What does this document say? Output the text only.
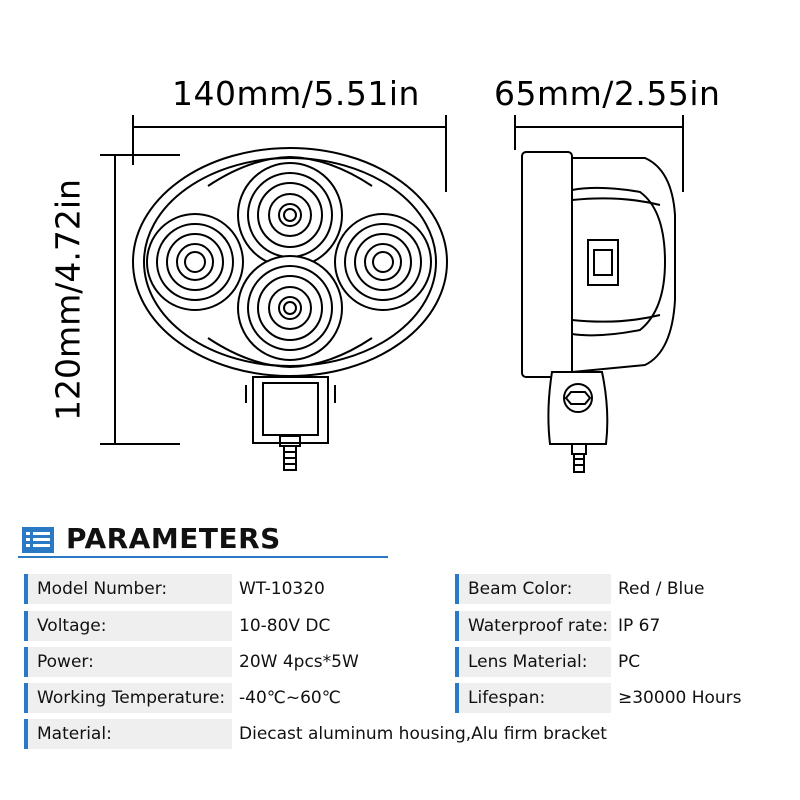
140mm/5.51in 65mm/2.55in
120mm/4.72in
PARAMETERS
Model Number:	WT-10320
Voltage:	10-80V DC
Power:	20W 4pcs*5W
Working Temperature: -40℃~60℃
Material:	Diecast aluminum housing,Alu firm bracket
Beam Color:	Red / Blue
Waterproof rate: IP 67
Lens Material:	PC
Lifespan:	≥30000 Hours
